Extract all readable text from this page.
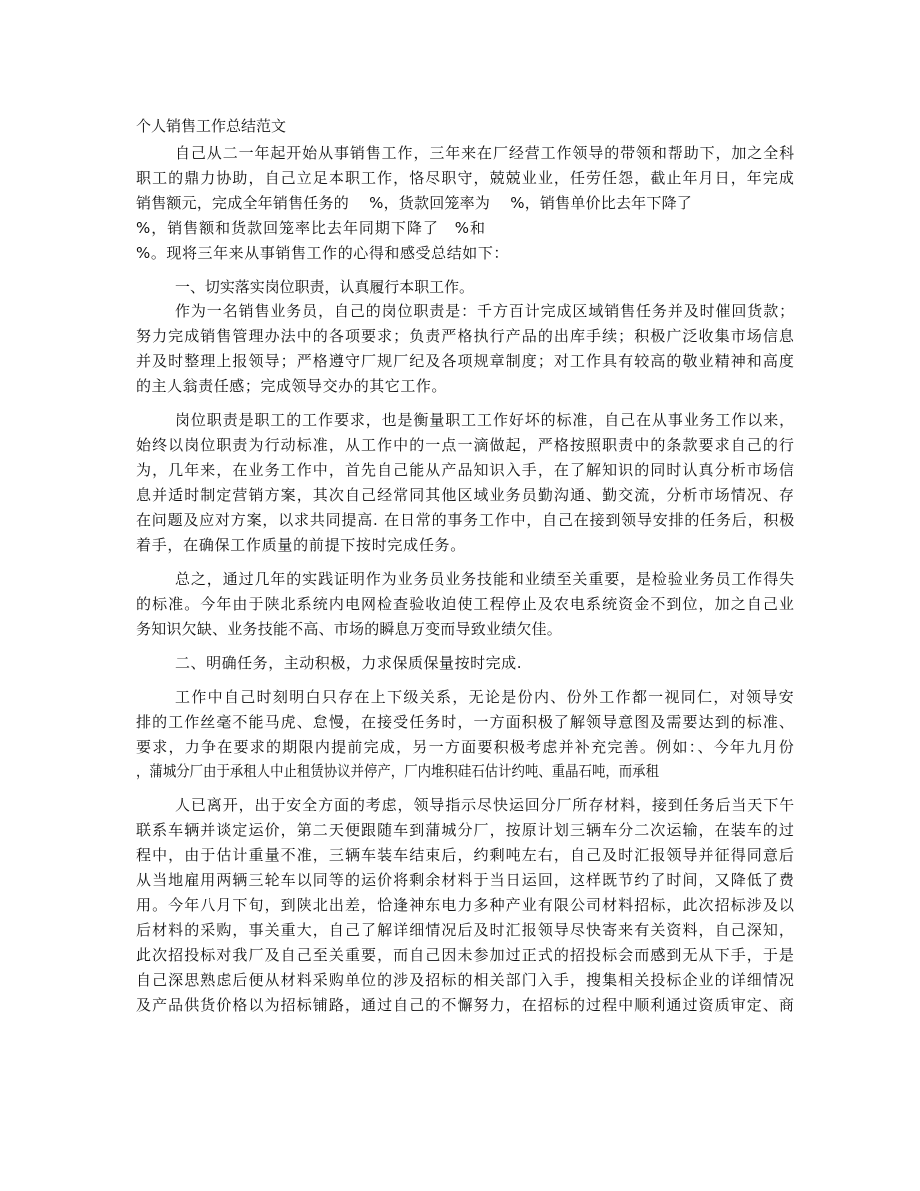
个人销售工作总结范文
自己从二一年起开始从事销售工作，三年来在厂经营工作领导的带领和帮助下，加之全科
职工的鼎力协助，自己立足本职工作，恪尽职守，兢兢业业，任劳任怨，截止年月日，年完成
销售额元，完成全年销售任务的　 %，货款回笼率为　 %，销售单价比去年下降了
%，销售额和货款回笼率比去年同期下降了　%和
%。现将三年来从事销售工作的心得和感受总结如下：
一、切实落实岗位职责，认真履行本职工作。
作为一名销售业务员，自己的岗位职责是：千方百计完成区域销售任务并及时催回货款；
努力完成销售管理办法中的各项要求；负责严格执行产品的出库手续；积极广泛收集市场信息
并及时整理上报领导；严格遵守厂规厂纪及各项规章制度；对工作具有较高的敬业精神和高度
的主人翁责任感；完成领导交办的其它工作。
岗位职责是职工的工作要求，也是衡量职工工作好坏的标准，自己在从事业务工作以来，
始终以岗位职责为行动标准，从工作中的一点一滴做起，严格按照职责中的条款要求自己的行
为，几年来，在业务工作中，首先自己能从产品知识入手，在了解知识的同时认真分析市场信
息并适时制定营销方案，其次自己经常同其他区域业务员勤沟通、勤交流，分析市场情况、存
在问题及应对方案，以求共同提高. 在日常的事务工作中，自己在接到领导安排的任务后，积极
着手，在确保工作质量的前提下按时完成任务。
总之，通过几年的实践证明作为业务员业务技能和业绩至关重要，是检验业务员工作得失
的标准。今年由于陕北系统内电网检查验收迫使工程停止及农电系统资金不到位，加之自己业
务知识欠缺、业务技能不高、市场的瞬息万变而导致业绩欠佳。
二、明确任务，主动积极，力求保质保量按时完成.
工作中自己时刻明白只存在上下级关系，无论是份内、份外工作都一视同仁，对领导安
排的工作丝毫不能马虎、怠慢，在接受任务时，一方面积极了解领导意图及需要达到的标准、
要求，力争在要求的期限内提前完成，另一方面要积极考虑并补充完善。例如：、今年九月份
，蒲城分厂由于承租人中止租赁协议并停产，厂内堆积硅石估计约吨、重晶石吨，而承租
人已离开，出于安全方面的考虑，领导指示尽快运回分厂所存材料，接到任务后当天下午
联系车辆并谈定运价，第二天便跟随车到蒲城分厂，按原计划三辆车分二次运输，在装车的过
程中，由于估计重量不准，三辆车装车结束后，约剩吨左右，自己及时汇报领导并征得同意后
从当地雇用两辆三轮车以同等的运价将剩余材料于当日运回，这样既节约了时间，又降低了费
用。今年八月下旬，到陕北出差，恰逢神东电力多种产业有限公司材料招标，此次招标涉及以
后材料的采购，事关重大，自己了解详细情况后及时汇报领导尽快寄来有关资料，自己深知，
此次招投标对我厂及自己至关重要，而自己因未参加过正式的招投标会而感到无从下手，于是
自己深思熟虑后便从材料采购单位的涉及招标的相关部门入手，搜集相关投标企业的详细情况
及产品供货价格以为招标铺路，通过自己的不懈努力，在招标的过程中顺利通过资质审定、商
